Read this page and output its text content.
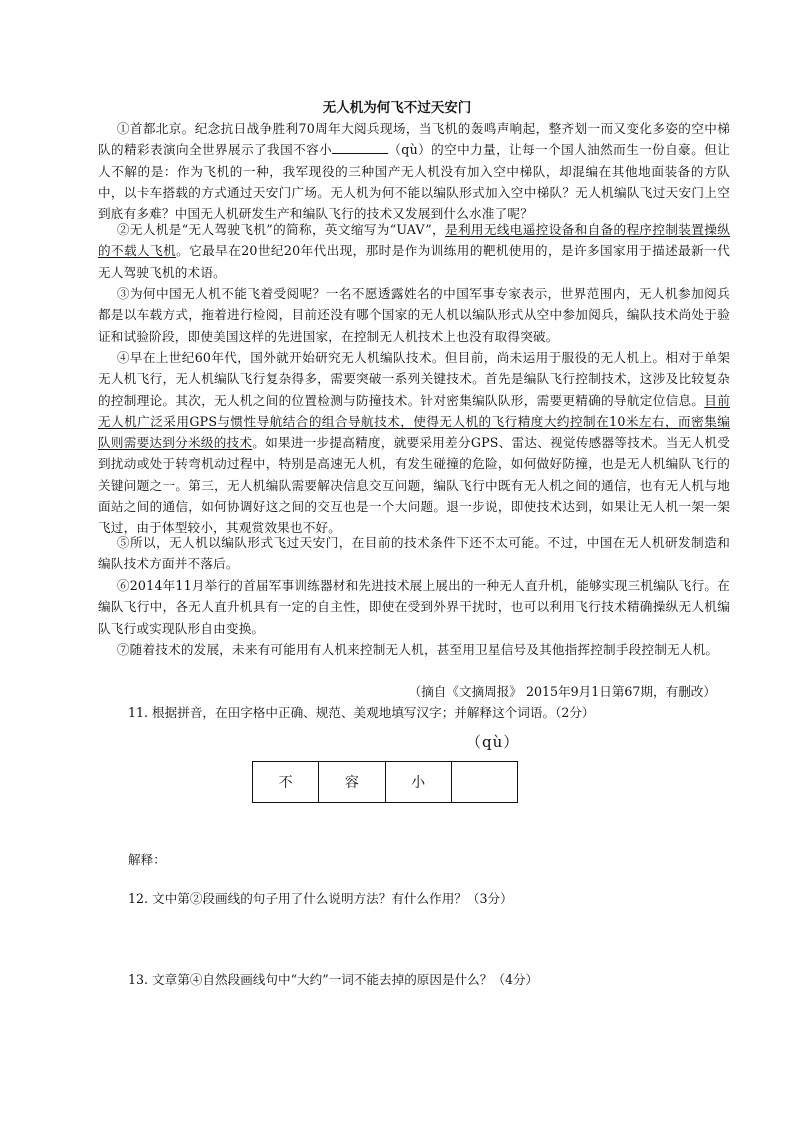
无人机为何飞不过天安门
①首都北京。纪念抗日战争胜利70周年大阅兵现场，当飞机的轰鸣声响起，整齐划一而又变化多姿的空中梯队的精彩表演向全世界展示了我国不容小	（qù）的空中力量，让每一个国人油然而生一份自豪。但让人不解的是：作为飞机的一种，我军现役的三种国产无人机没有加入空中梯队，却混编在其他地面装备的方队中，以卡车搭载的方式通过天安门广场。无人机为何不能以编队形式加入空中梯队？无人机编队飞过天安门上空到底有多难？中国无人机研发生产和编队飞行的技术又发展到什么水准了呢？
②无人机是“无人驾驶飞机”的简称，英文缩写为“UAV”，是利用无线电遥控设备和自备的程序控制装置操纵的不载人飞机。它最早在20世纪20年代出现，那时是作为训练用的靶机使用的，是许多国家用于描述最新一代无人驾驶飞机的术语。
③为何中国无人机不能飞着受阅呢？一名不愿透露姓名的中国军事专家表示，世界范围内，无人机参加阅兵都是以车载方式，拖着进行检阅，目前还没有哪个国家的无人机以编队形式从空中参加阅兵，编队技术尚处于验证和试验阶段，即使美国这样的先进国家，在控制无人机技术上也没有取得突破。
④早在上世纪60年代，国外就开始研究无人机编队技术。但目前，尚未运用于服役的无人机上。相对于单架无人机飞行，无人机编队飞行复杂得多，需要突破一系列关键技术。首先是编队飞行控制技术，这涉及比较复杂的控制理论。其次，无人机之间的位置检测与防撞技术。针对密集编队队形，需要更精确的导航定位信息。目前无人机广泛采用GPS与惯性导航结合的组合导航技术，使得无人机的飞行精度大约控制在10米左右，而密集编队则需要达到分米级的技术。如果进一步提高精度，就要采用差分GPS、雷达、视觉传感器等技术。当无人机受到扰动或处于转弯机动过程中，特别是高速无人机，有发生碰撞的危险，如何做好防撞，也是无人机编队飞行的关键问题之一。第三，无人机编队需要解决信息交互问题，编队飞行中既有无人机之间的通信，也有无人机与地面站之间的通信，如何协调好这之间的交互也是一个大问题。退一步说，即使技术达到，如果让无人机一架一架飞过，由于体型较小，其观赏效果也不好。
⑤所以，无人机以编队形式飞过天安门，在目前的技术条件下还不太可能。不过，中国在无人机研发制造和编队技术方面并不落后。
⑥2014年11月举行的首届军事训练器材和先进技术展上展出的一种无人直升机，能够实现三机编队飞行。在编队飞行中，各无人直升机具有一定的自主性，即使在受到外界干扰时，也可以利用飞行技术精确操纵无人机编队飞行或实现队形自由变换。
⑦随着技术的发展，未来有可能用有人机来控制无人机，甚至用卫星信号及其他指挥控制手段控制无人机。
（摘自《文摘周报》 2015年9月1日第67期，有删改）
11. 根据拼音，在田字格中正确、规范、美观地填写汉字；并解释这个词语。（2分）
（qù）
不	容	小
解释：
12. 文中第②段画线的句子用了什么说明方法？有什么作用？（3分）
13. 文章第④自然段画线句中“大约”一词不能去掉的原因是什么？（4分）
